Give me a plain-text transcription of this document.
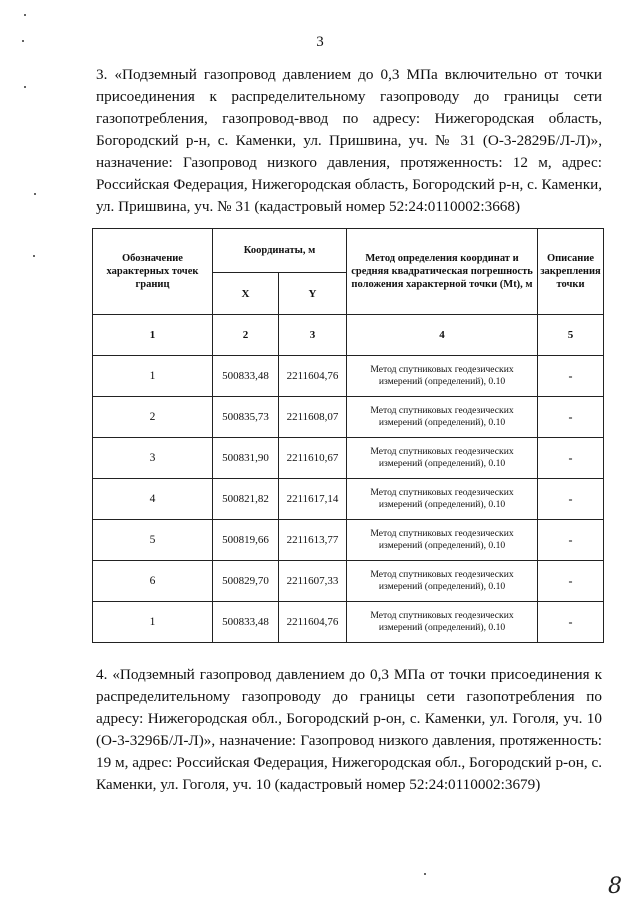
3

3. «Подземный газопровод давлением до 0,3 МПа включительно от точки присоединения к распределительному газопроводу до границы сети газопотребления, газопровод-ввод по адресу: Нижегородская область, Богородский р-н, с. Каменки, ул. Пришвина, уч. № 31 (О-3-2829Б/Л-Л)», назначение: Газопровод низкого давления, протяженность: 12 м, адрес: Российская Федерация, Нижегородская область, Богородский р-н, с. Каменки, ул. Пришвина, уч. № 31 (кадастровый номер 52:24:0110002:3668)

Обозначение характерных точек границ	Координаты, м		Метод определения координат и средняя квадратическая погрешность положения характерной точки (Mt), м	Описание закрепления точки
	X	Y		
1	2	3	4	5
1	500833,48	2211604,76	Метод спутниковых геодезических измерений (определений), 0.10	-
2	500835,73	2211608,07	Метод спутниковых геодезических измерений (определений), 0.10	-
3	500831,90	2211610,67	Метод спутниковых геодезических измерений (определений), 0.10	-
4	500821,82	2211617,14	Метод спутниковых геодезических измерений (определений), 0.10	-
5	500819,66	2211613,77	Метод спутниковых геодезических измерений (определений), 0.10	-
6	500829,70	2211607,33	Метод спутниковых геодезических измерений (определений), 0.10	-
1	500833,48	2211604,76	Метод спутниковых геодезических измерений (определений), 0.10	-

4. «Подземный газопровод давлением до 0,3 МПа от точки присоединения к распределительному газопроводу до границы сети газопотребления по адресу: Нижегородская обл., Богородский р-он, с. Каменки, ул. Гоголя, уч. 10 (О-3-3296Б/Л-Л)», назначение: Газопровод низкого давления, протяженность: 19 м, адрес: Российская Федерация, Нижегородская обл., Богородский р-он, с. Каменки, ул. Гоголя, уч. 10 (кадастровый номер 52:24:0110002:3679)

8
